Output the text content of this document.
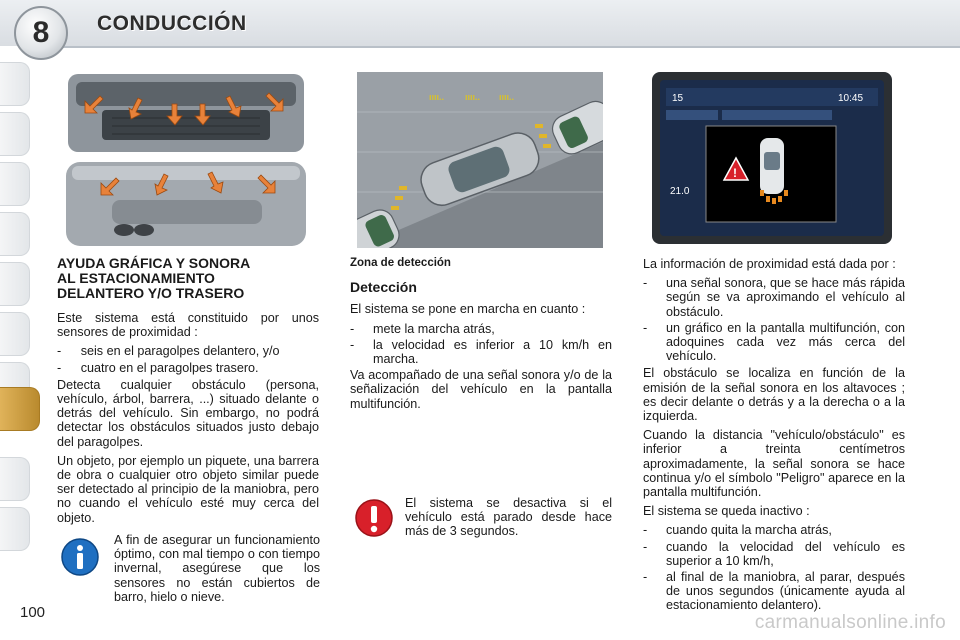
8 CONDUCCIÓN
ıııı.. ıııı.. ıııı..	15	10:45
21.0
!
AYUDA GRÁFICA Y SONORA
AL ESTACIONAMIENTO
DELANTERO Y/O TRASERO

Este sistema está constituido por unos sensores de proximidad :

- seis en el paragolpes delantero, y/o
- cuatro en el paragolpes trasero.

Detecta cualquier obstáculo (persona, vehículo, árbol, barrera, ...) situado delante o detrás del vehículo. Sin embargo, no podrá detectar los obstáculos situados justo debajo del paragolpes.

Un objeto, por ejemplo un piquete, una barrera de obra o cualquier otro objeto similar puede ser detectado al principio de la maniobra, pero no cuando el vehículo esté muy cerca del objeto.

A fin de asegurar un funcionamiento óptimo, con mal tiempo o con tiempo invernal, asegúrese que los sensores no están cubiertos de barro, hielo o nieve.
Zona de detección
Detección

El sistema se pone en marcha en cuanto :

- mete la marcha atrás,
- la velocidad es inferior a 10 km/h en marcha.

Va acompañado de una señal sonora y/o de la señalización del vehículo en la pantalla multifunción.

El sistema se desactiva si el vehículo está parado desde hace más de 3 segundos.

La información de proximidad está dada por :

- una señal sonora, que se hace más rápida según se va aproximando el vehículo al obstáculo.
- un gráfico en la pantalla multifunción, con adoquines cada vez más cerca del vehículo.

El obstáculo se localiza en función de la emisión de la señal sonora en los altavoces ; es decir delante o detrás y a la derecha o a la izquierda.

Cuando la distancia "vehículo/obstáculo" es inferior a treinta centímetros aproximadamente, la señal sonora se hace continua y/o el símbolo "Peligro" aparece en la pantalla multifunción.

El sistema se queda inactivo :

- cuando quita la marcha atrás,
- cuando la velocidad del vehículo es superior a 10 km/h,
- al final de la maniobra, al parar, después de unos segundos (únicamente ayuda al estacionamiento delantero).
100	carmanualsonline.info
